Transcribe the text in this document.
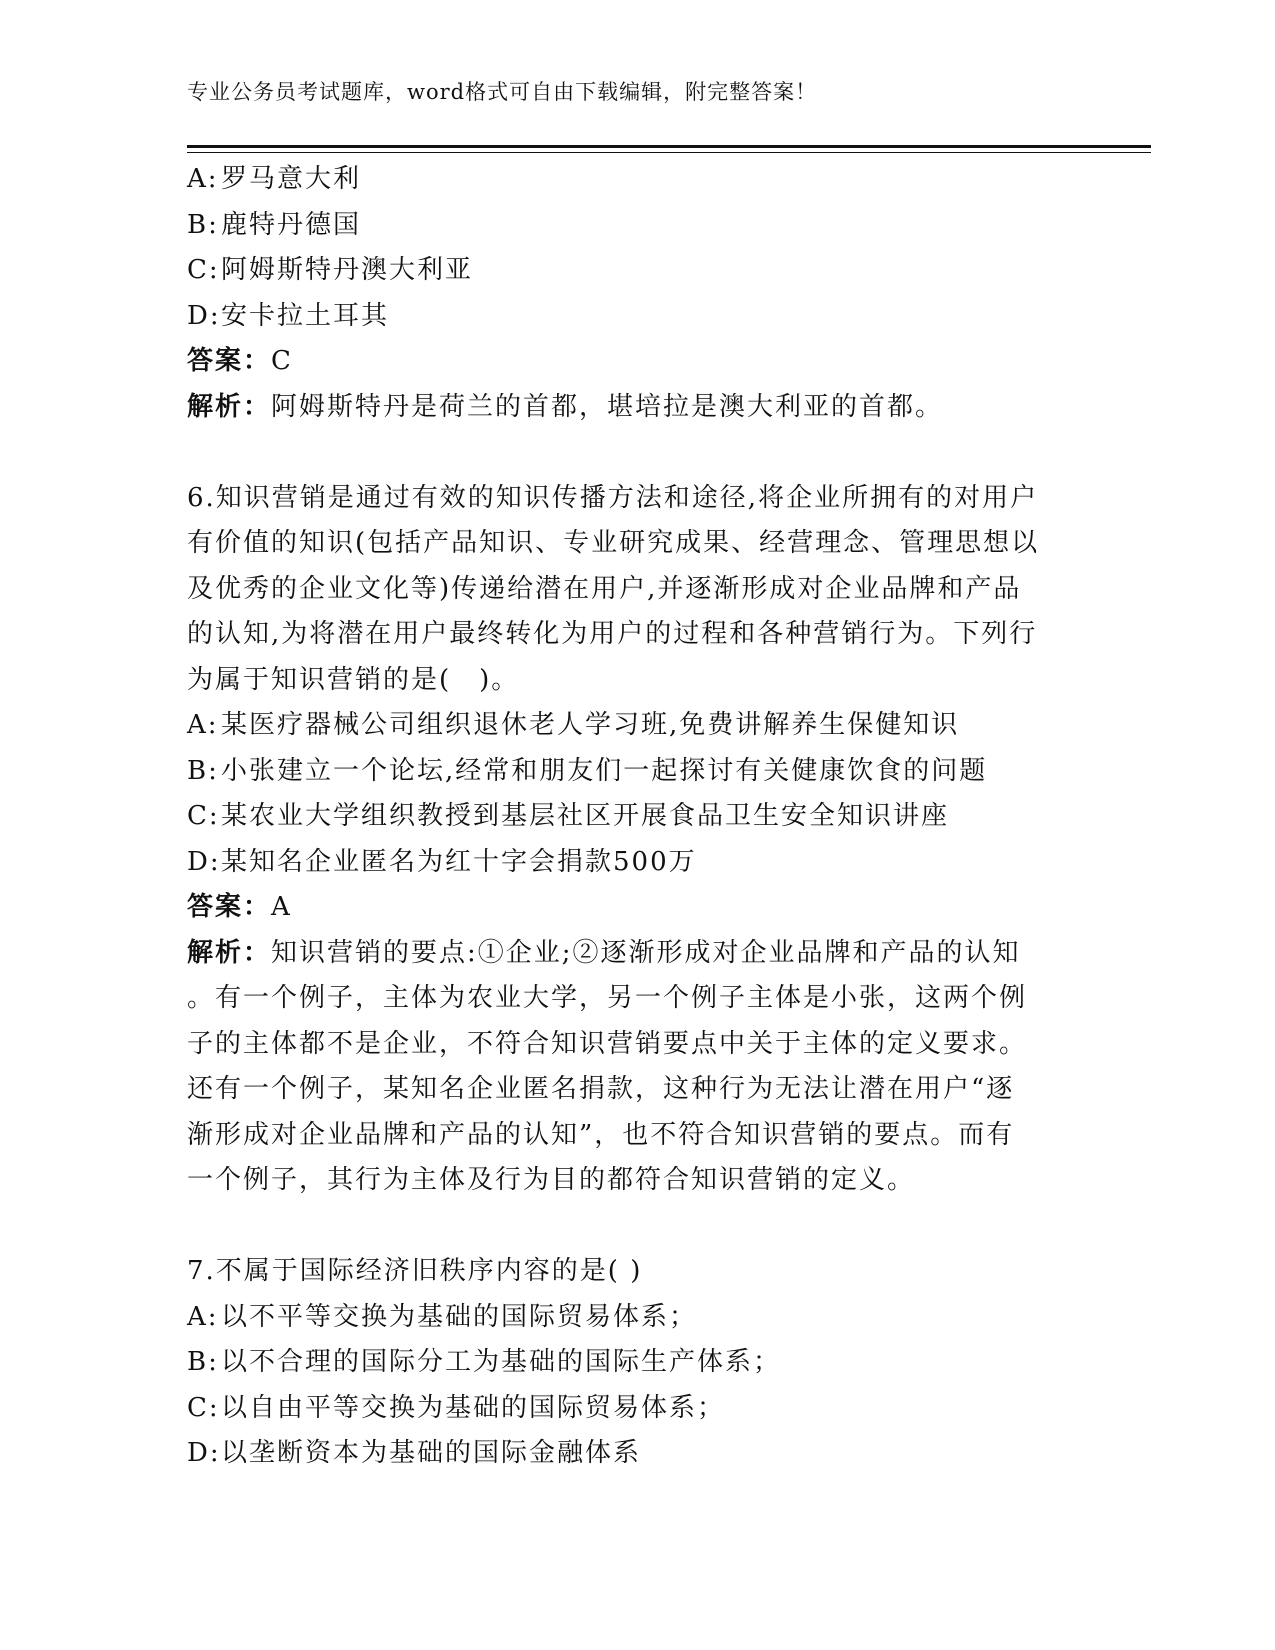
专业公务员考试题库，word格式可自由下载编辑，附完整答案！
A:罗马意大利
B:鹿特丹德国
C:阿姆斯特丹澳大利亚
D:安卡拉土耳其
答案：C
解析：阿姆斯特丹是荷兰的首都，堪培拉是澳大利亚的首都。
6.知识营销是通过有效的知识传播方法和途径,将企业所拥有的对用户
有价值的知识(包括产品知识、专业研究成果、经营理念、管理思想以
及优秀的企业文化等)传递给潜在用户,并逐渐形成对企业品牌和产品
的认知,为将潜在用户最终转化为用户的过程和各种营销行为。下列行
为属于知识营销的是(　)。
A:某医疗器械公司组织退休老人学习班,免费讲解养生保健知识
B:小张建立一个论坛,经常和朋友们一起探讨有关健康饮食的问题
C:某农业大学组织教授到基层社区开展食品卫生安全知识讲座
D:某知名企业匿名为红十字会捐款500万
答案：A
解析：知识营销的要点:①企业;②逐渐形成对企业品牌和产品的认知
。有一个例子，主体为农业大学，另一个例子主体是小张，这两个例
子的主体都不是企业，不符合知识营销要点中关于主体的定义要求。
还有一个例子，某知名企业匿名捐款，这种行为无法让潜在用户“逐
渐形成对企业品牌和产品的认知”，也不符合知识营销的要点。而有
一个例子，其行为主体及行为目的都符合知识营销的定义。
7.不属于国际经济旧秩序内容的是( )
A:以不平等交换为基础的国际贸易体系；
B:以不合理的国际分工为基础的国际生产体系；
C:以自由平等交换为基础的国际贸易体系；
D:以垄断资本为基础的国际金融体系
